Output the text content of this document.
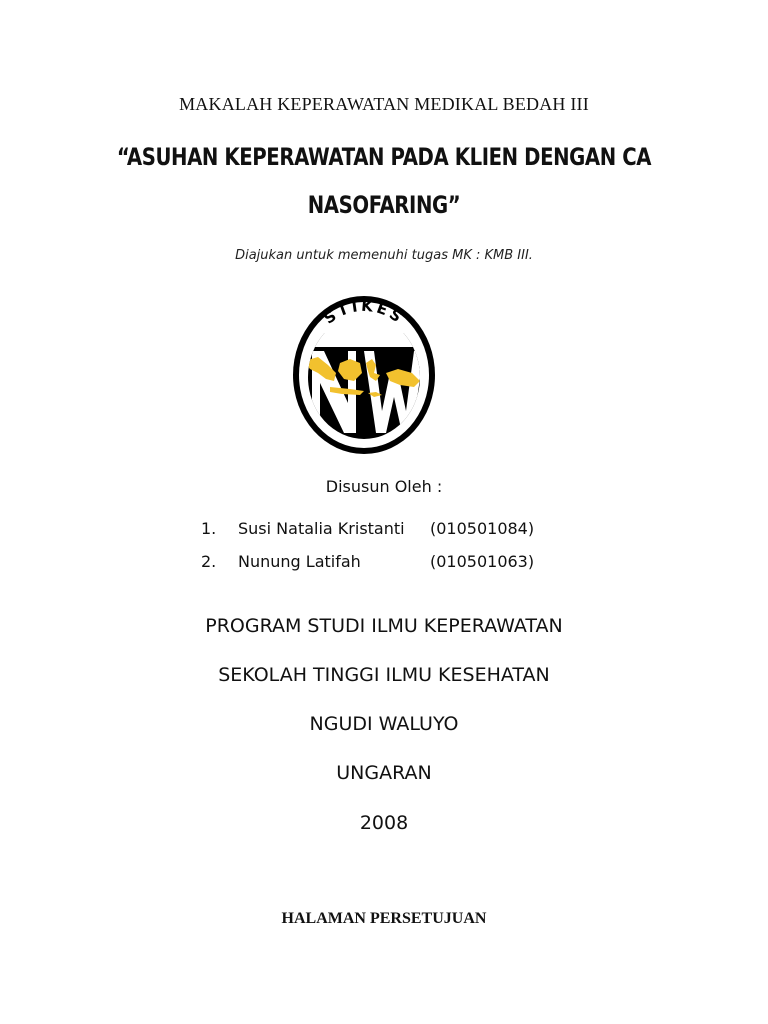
MAKALAH KEPERAWATAN MEDIKAL BEDAH III
“ASUHAN KEPERAWATAN PADA KLIEN DENGAN CA
NASOFARING”
Diajukan untuk memenuhi tugas MK : KMB III.
STIKES
Disusun Oleh :
1. Susi Natalia Kristanti (010501084)
2. Nunung Latifah	(010501063)
PROGRAM STUDI ILMU KEPERAWATAN
SEKOLAH TINGGI ILMU KESEHATAN
NGUDI WALUYO
UNGARAN
2008
HALAMAN PERSETUJUAN
